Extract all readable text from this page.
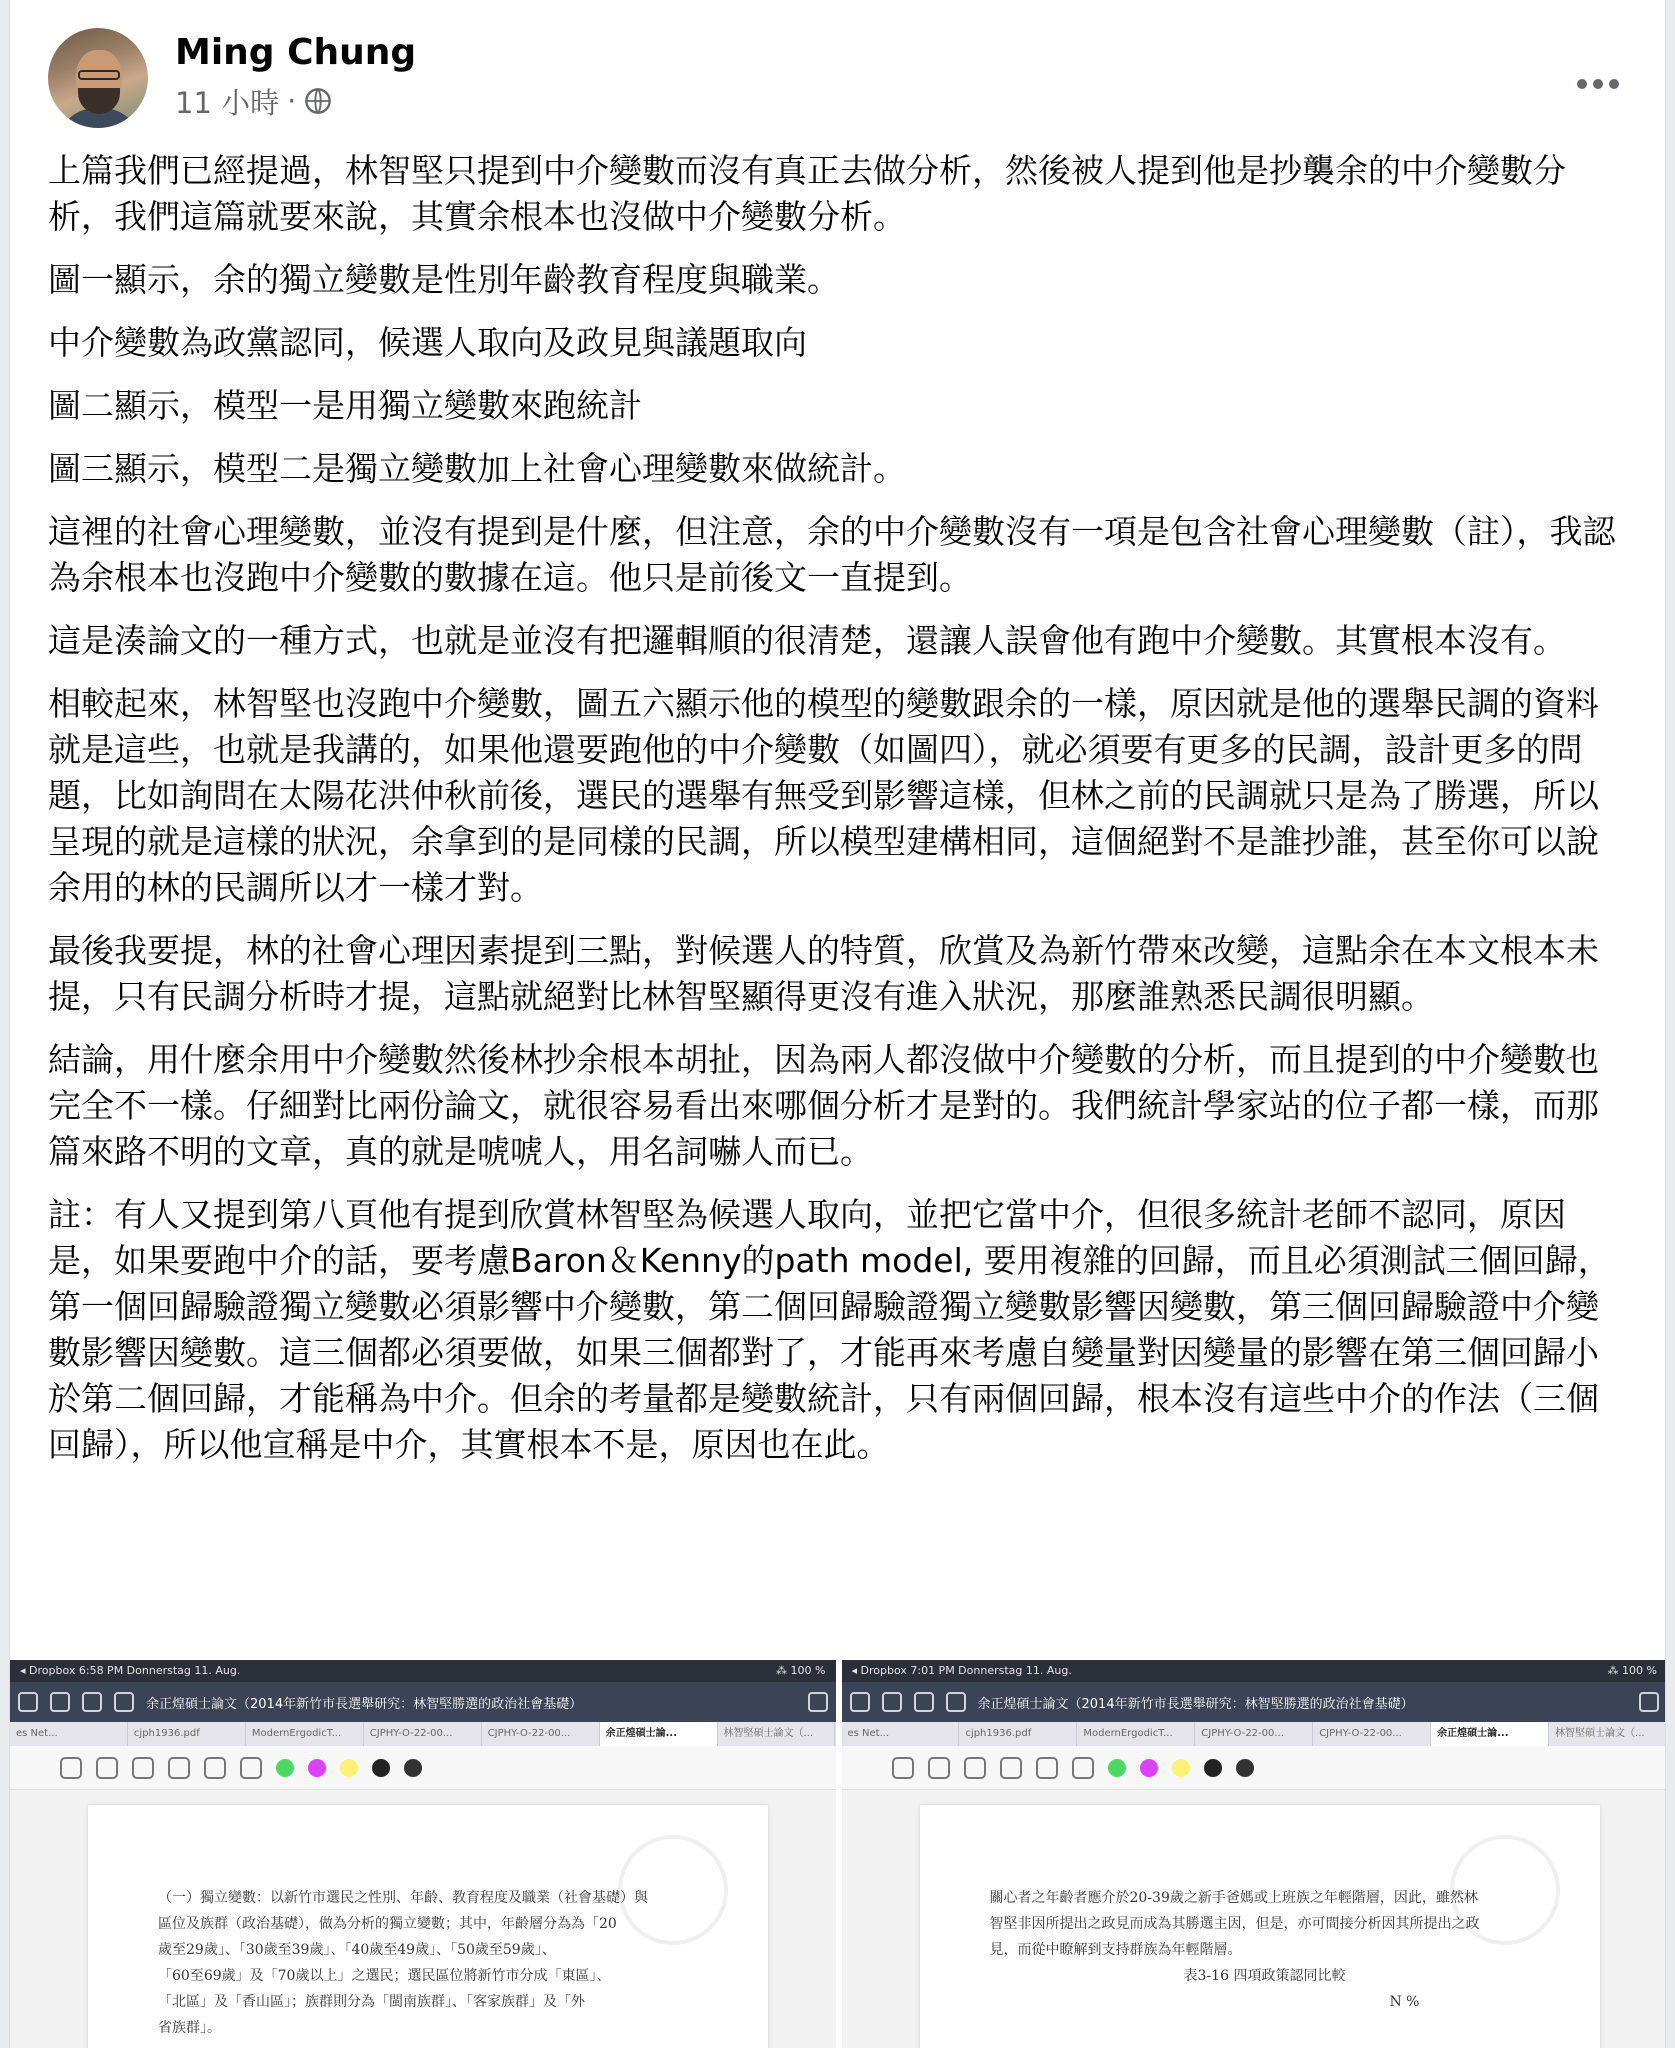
Ming Chung
11 小時 ·

上篇我們已經提過，林智堅只提到中介變數而沒有真正去做分析，然後被人提到他是抄襲余的中介變數分析，我們這篇就要來說，其實余根本也沒做中介變數分析。

圖一顯示，余的獨立變數是性別年齡教育程度與職業。

中介變數為政黨認同，候選人取向及政見與議題取向

圖二顯示，模型一是用獨立變數來跑統計

圖三顯示，模型二是獨立變數加上社會心理變數來做統計。

這裡的社會心理變數，並沒有提到是什麼，但注意，余的中介變數沒有一項是包含社會心理變數（註），我認為余根本也沒跑中介變數的數據在這。他只是前後文一直提到。

這是湊論文的一種方式，也就是並沒有把邏輯順的很清楚，還讓人誤會他有跑中介變數。其實根本沒有。

相較起來，林智堅也沒跑中介變數，圖五六顯示他的模型的變數跟余的一樣，原因就是他的選舉民調的資料就是這些，也就是我講的，如果他還要跑他的中介變數（如圖四），就必須要有更多的民調，設計更多的問題，比如詢問在太陽花洪仲秋前後，選民的選舉有無受到影響這樣，但林之前的民調就只是為了勝選，所以呈現的就是這樣的狀況，余拿到的是同樣的民調，所以模型建構相同，這個絕對不是誰抄誰，甚至你可以說余用的林的民調所以才一樣才對。

最後我要提，林的社會心理因素提到三點，對候選人的特質，欣賞及為新竹帶來改變，這點余在本文根本未提，只有民調分析時才提，這點就絕對比林智堅顯得更沒有進入狀況，那麼誰熟悉民調很明顯。

結論，用什麼余用中介變數然後林抄余根本胡扯，因為兩人都沒做中介變數的分析，而且提到的中介變數也完全不一樣。仔細對比兩份論文，就很容易看出來哪個分析才是對的。我們統計學家站的位子都一樣，而那篇來路不明的文章，真的就是唬唬人，用名詞嚇人而已。

註：有人又提到第八頁他有提到欣賞林智堅為候選人取向，並把它當中介，但很多統計老師不認同，原因是，如果要跑中介的話，要考慮Baron＆Kenny的path model, 要用複雜的回歸，而且必須測試三個回歸，第一個回歸驗證獨立變數必須影響中介變數，第二個回歸驗證獨立變數影響因變數，第三個回歸驗證中介變數影響因變數。這三個都必須要做，如果三個都對了，才能再來考慮自變量對因變量的影響在第三個回歸小於第二個回歸，才能稱為中介。但余的考量都是變數統計，只有兩個回歸，根本沒有這些中介的作法（三個回歸），所以他宣稱是中介，其實根本不是，原因也在此。

◂ Dropbox 6:58 PM Donnerstag 11. Aug.	⁂ 100 %
余正煌碩士論文（2014年新竹市長選舉研究：林智堅勝選的政治社會基礎）
es Net...	cjph1936.pdf	ModernErgodicT...	CJPHY-O-22-00...	CJPHY-O-22-00...	余正煌碩士論...	林智堅碩士論文（...
（一）獨立變數：以新竹市選民之性別、年齡、教育程度及職業（社會基礎）與
區位及族群（政治基礎），做為分析的獨立變數；其中，年齡層分為為「20
歲至29歲」、「30歲至39歲」、「40歲至49歲」、「50歲至59歲」、
「60至69歲」及「70歲以上」之選民；選民區位將新竹市分成「東區」、
「北區」及「香山區」；族群則分為「閩南族群」、「客家族群」及「外
省族群」。
◂ Dropbox 7:01 PM Donnerstag 11. Aug.	⁂ 100 %
余正煌碩士論文（2014年新竹市長選舉研究：林智堅勝選的政治社會基礎）
es Net...	cjph1936.pdf	ModernErgodicT...	CJPHY-O-22-00...	CJPHY-O-22-00...	余正煌碩士論...	林智堅碩士論文（...
關心者之年齡者應介於20-39歲之新手爸媽或上班族之年輕階層，因此，雖然林
智堅非因所提出之政見而成為其勝選主因，但是，亦可間接分析因其所提出之政
見，而從中瞭解到支持群族為年輕階層。
表3-16 四項政策認同比較
N %
